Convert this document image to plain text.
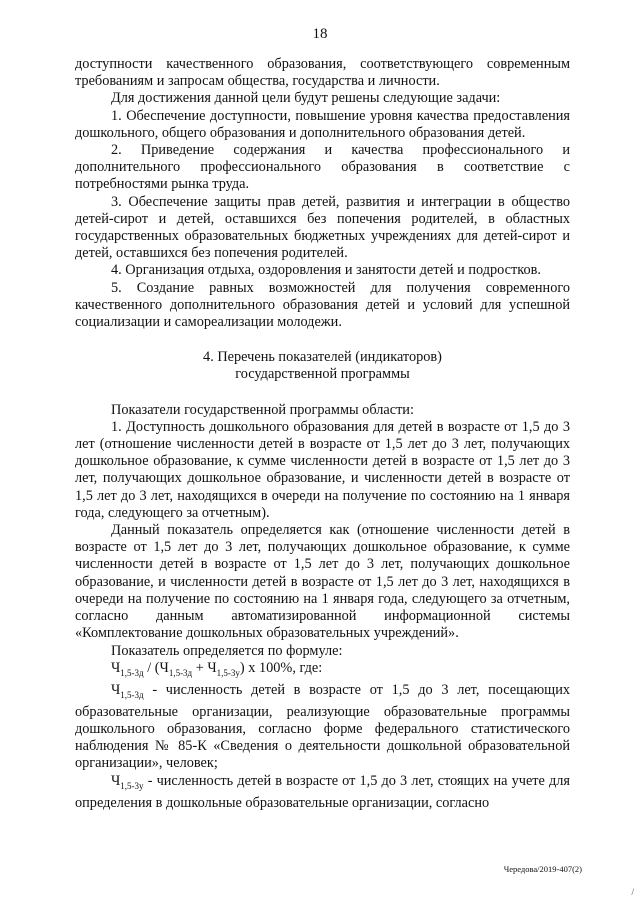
18

доступности качественного образования, соответствующего современным требованиям и запросам общества, государства и личности.

Для достижения данной цели будут решены следующие задачи:

1. Обеспечение доступности, повышение уровня качества предоставления дошкольного, общего образования и дополнительного образования детей.

2. Приведение содержания и качества профессионального и дополнительного профессионального образования в соответствие с потребностями рынка труда.

3. Обеспечение защиты прав детей, развития и интеграции в общество детей-сирот и детей, оставшихся без попечения родителей, в областных государственных образовательных бюджетных учреждениях для детей-сирот и детей, оставшихся без попечения родителей.

4. Организация отдыха, оздоровления и занятости детей и подростков.

5. Создание равных возможностей для получения современного качественного дополнительного образования детей и условий для успешной социализации и самореализации молодежи.

4. Перечень показателей (индикаторов)
государственной программы

Показатели государственной программы области:

1. Доступность дошкольного образования для детей в возрасте от 1,5 до 3 лет (отношение численности детей в возрасте от 1,5 лет до 3 лет, получающих дошкольное образование, к сумме численности детей в возрасте от 1,5 лет до 3 лет, получающих дошкольное образование, и численности детей в возрасте от 1,5 лет до 3 лет, находящихся в очереди на получение по состоянию на 1 января года, следующего за отчетным).

Данный показатель определяется как (отношение численности детей в возрасте от 1,5 лет до 3 лет, получающих дошкольное образование, к сумме численности детей в возрасте от 1,5 лет до 3 лет, получающих дошкольное образование, и численности детей в возрасте от 1,5 лет до 3 лет, находящихся в очереди на получение по состоянию на 1 января года, следующего за отчетным, согласно данным автоматизированной информационной системы «Комплектование дошкольных образовательных учреждений».

Показатель определяется по формуле:

$Ч_{1,5-3д} / (Ч_{1,5-3д} + Ч_{1,5-3у})$ х 100%, где:

$Ч_{1,5-3д}$ - численность детей в возрасте от 1,5 до 3 лет, посещающих образовательные организации, реализующие образовательные программы дошкольного образования, согласно форме федерального статистического наблюдения № 85-К «Сведения о деятельности дошкольной образовательной организации», человек;

$Ч_{1,5-3у}$ - численность детей в возрасте от 1,5 до 3 лет, стоящих на учете для определения в дошкольные образовательные организации, согласно

Чередова/2019-407(2)
/
